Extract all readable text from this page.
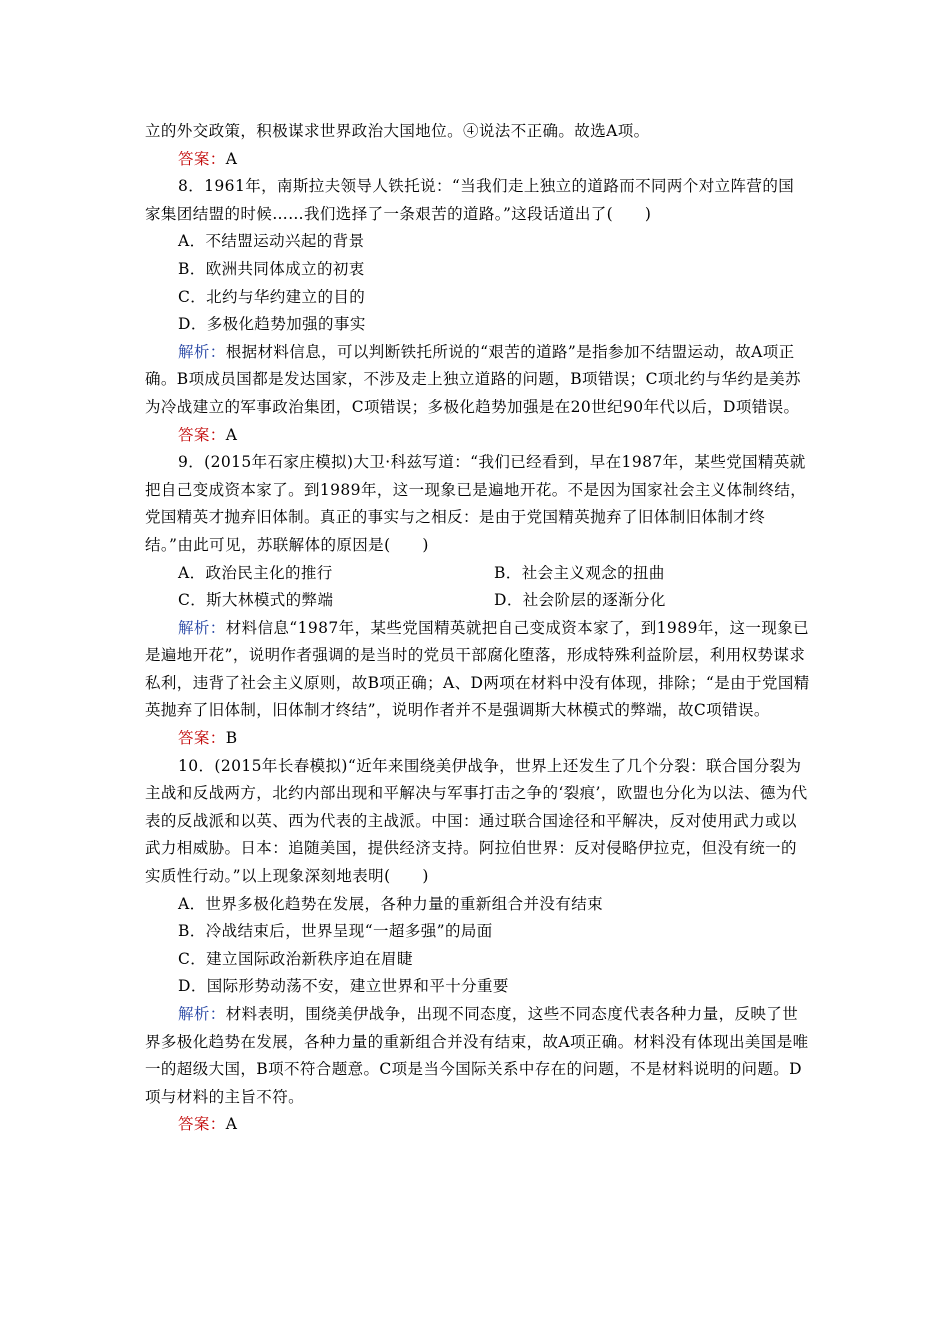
立的外交政策，积极谋求世界政治大国地位。④说法不正确。故选A项。

答案：A

8．1961年，南斯拉夫领导人铁托说：“当我们走上独立的道路而不同两个对立阵营的国家集团结盟的时候……我们选择了一条艰苦的道路。”这段话道出了(　　)

A．不结盟运动兴起的背景

B．欧洲共同体成立的初衷

C．北约与华约建立的目的

D．多极化趋势加强的事实

解析：根据材料信息，可以判断铁托所说的“艰苦的道路”是指参加不结盟运动，故A项正确。B项成员国都是发达国家，不涉及走上独立道路的问题，B项错误；C项北约与华约是美苏为冷战建立的军事政治集团，C项错误；多极化趋势加强是在20世纪90年代以后，D项错误。

答案：A

9．(2015年石家庄模拟)大卫·科兹写道：“我们已经看到，早在1987年，某些党国精英就把自己变成资本家了。到1989年，这一现象已是遍地开花。不是因为国家社会主义体制终结，党国精英才抛弃旧体制。真正的事实与之相反：是由于党国精英抛弃了旧体制旧体制才终结。”由此可见，苏联解体的原因是(　　)

A．政治民主化的推行	B．社会主义观念的扭曲
C．斯大林模式的弊端	D．社会阶层的逐渐分化

解析：材料信息“1987年，某些党国精英就把自己变成资本家了，到1989年，这一现象已是遍地开花”，说明作者强调的是当时的党员干部腐化堕落，形成特殊利益阶层，利用权势谋求私利，违背了社会主义原则，故B项正确；A、D两项在材料中没有体现，排除；“是由于党国精英抛弃了旧体制，旧体制才终结”，说明作者并不是强调斯大林模式的弊端，故C项错误。

答案：B

10．(2015年长春模拟)“近年来围绕美伊战争，世界上还发生了几个分裂：联合国分裂为主战和反战两方，北约内部出现和平解决与军事打击之争的‘裂痕’，欧盟也分化为以法、德为代表的反战派和以英、西为代表的主战派。中国：通过联合国途径和平解决，反对使用武力或以武力相威胁。日本：追随美国，提供经济支持。阿拉伯世界：反对侵略伊拉克，但没有统一的实质性行动。”以上现象深刻地表明(　　)

A．世界多极化趋势在发展，各种力量的重新组合并没有结束

B．冷战结束后，世界呈现“一超多强”的局面

C．建立国际政治新秩序迫在眉睫

D．国际形势动荡不安，建立世界和平十分重要

解析：材料表明，围绕美伊战争，出现不同态度，这些不同态度代表各种力量，反映了世界多极化趋势在发展，各种力量的重新组合并没有结束，故A项正确。材料没有体现出美国是唯一的超级大国，B项不符合题意。C项是当今国际关系中存在的问题，不是材料说明的问题。D项与材料的主旨不符。

答案：A
